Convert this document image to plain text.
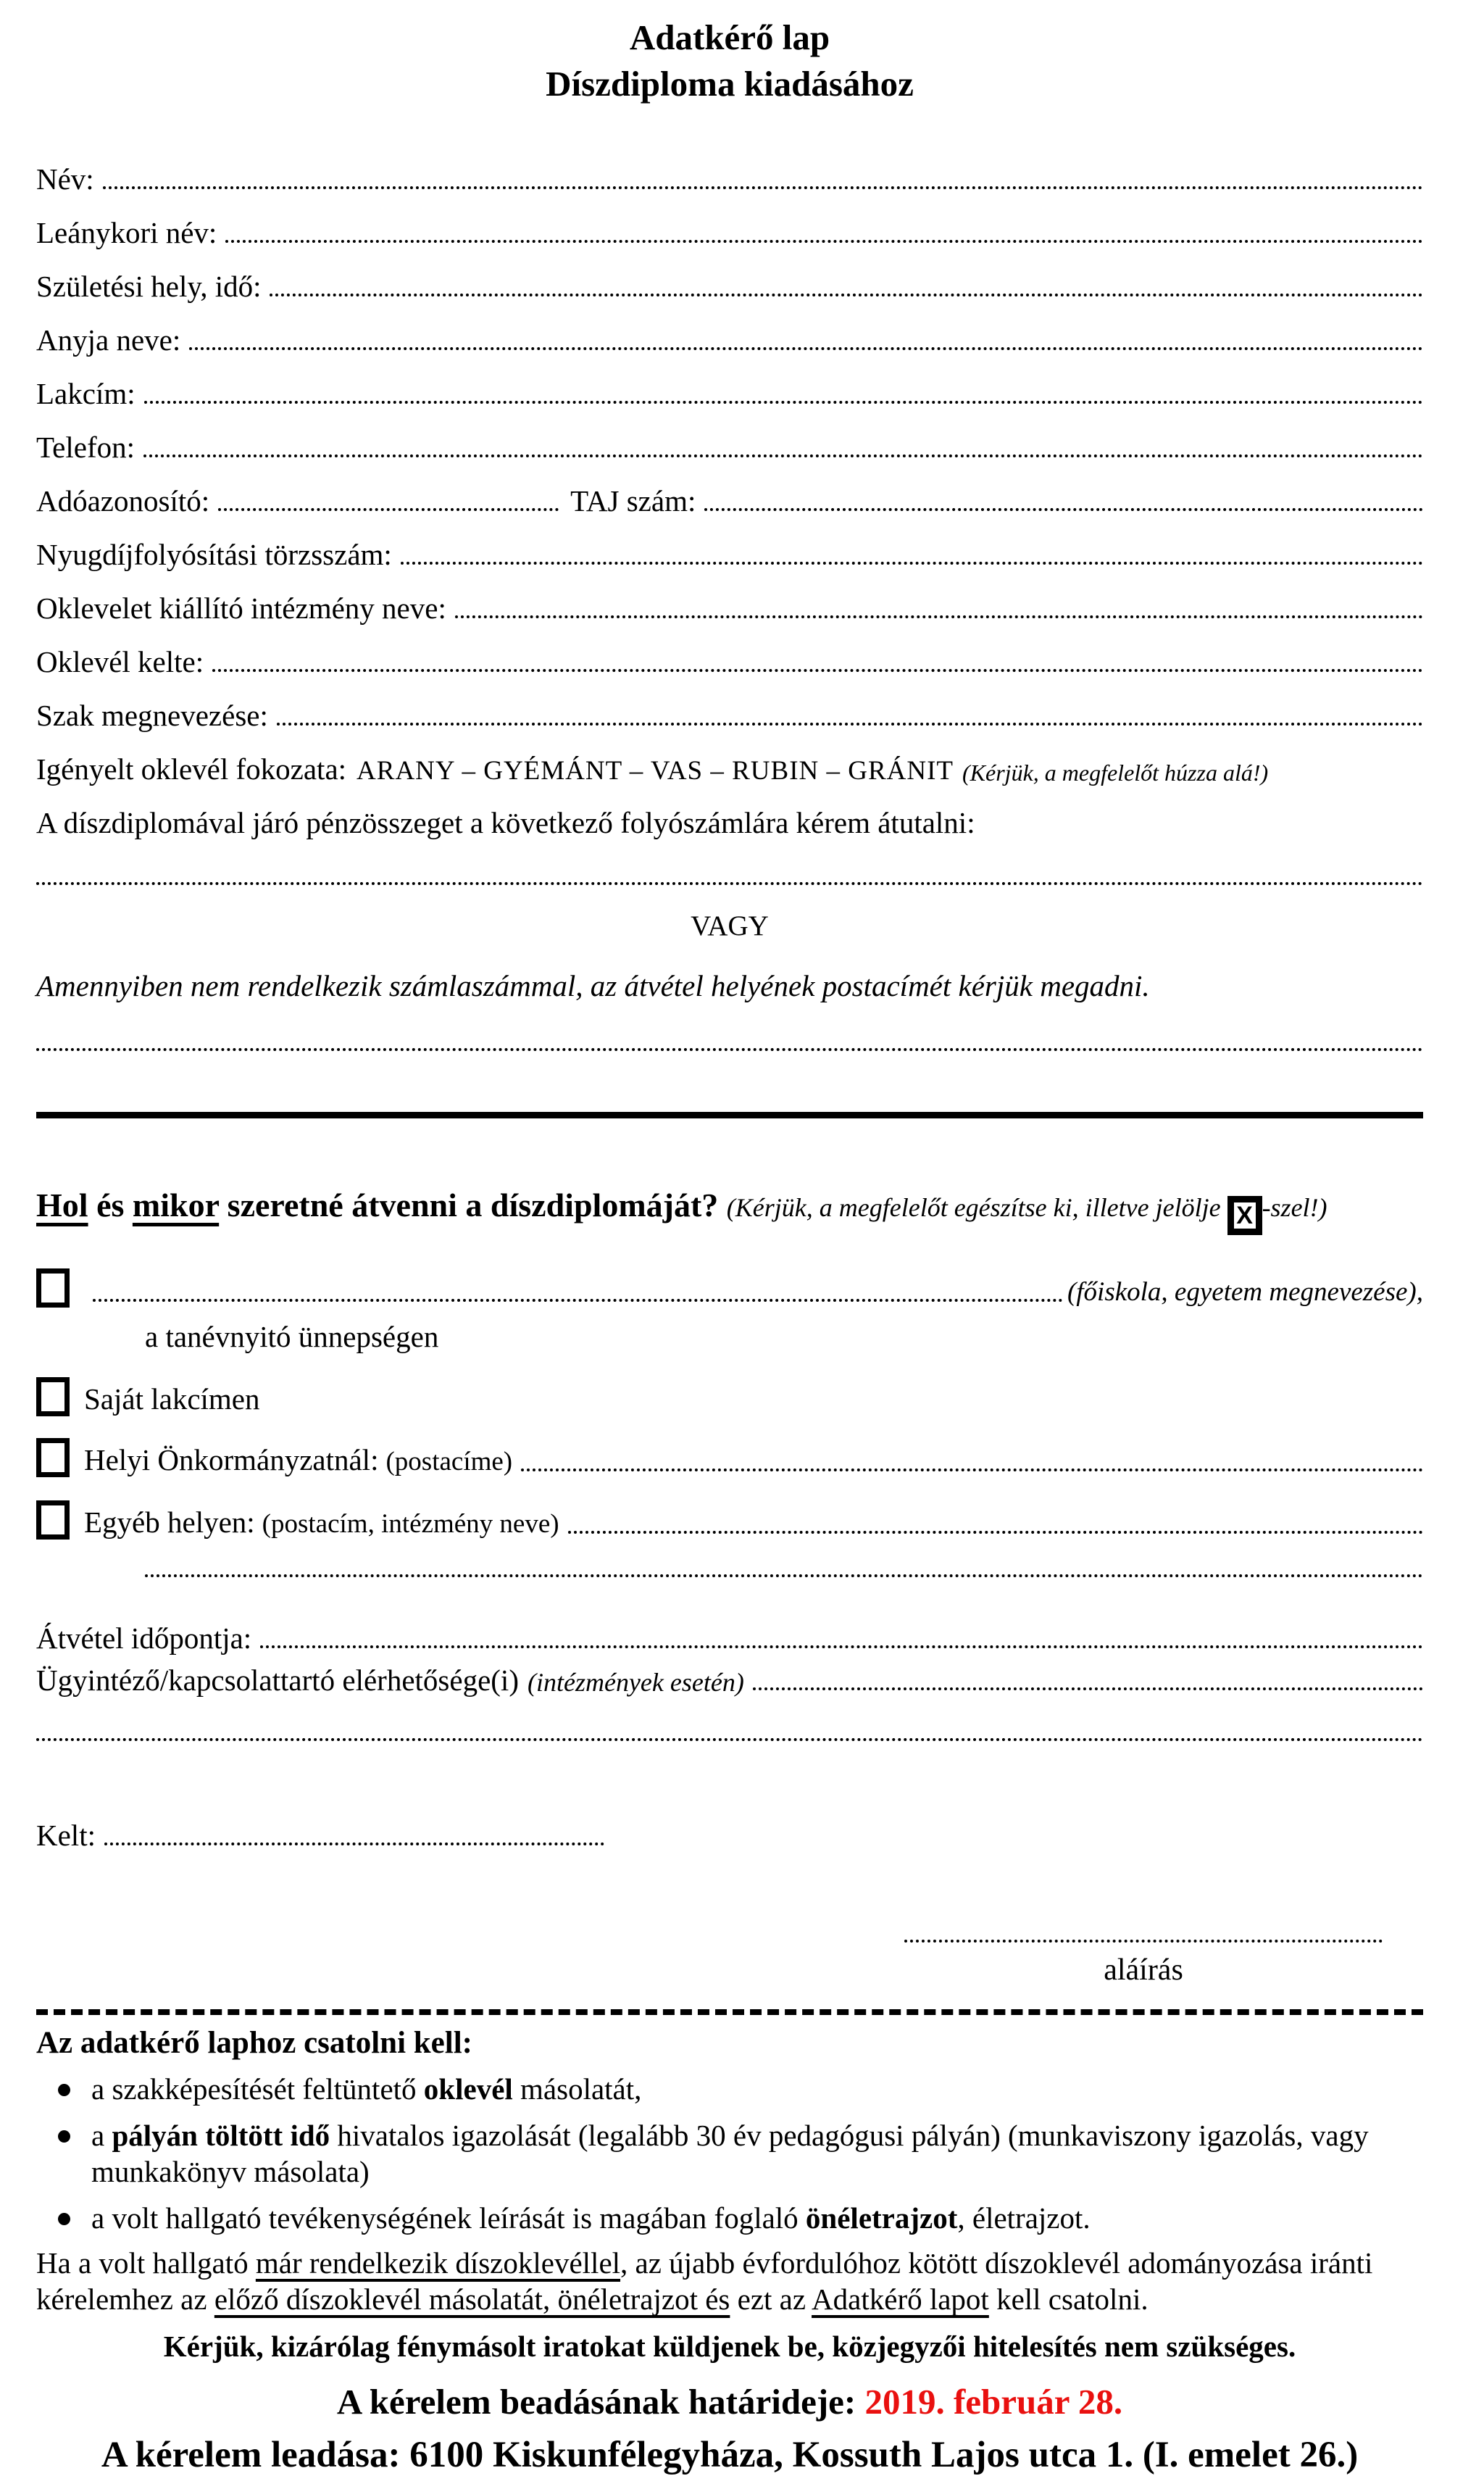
Adatkérő lap
Díszdiploma kiadásához
Név:
Leánykori név:
Születési hely, idő:
Anyja neve:
Lakcím:
Telefon:
Adóazonosító:	TAJ szám:
Nyugdíjfolyósítási törzsszám:
Oklevelet kiállító intézmény neve:
Oklevél kelte:
Szak megnevezése:
Igényelt oklevél fokozata: ARANY – GYÉMÁNT – VAS – RUBIN – GRÁNIT (Kérjük, a megfelelőt húzza alá!)
A díszdiplomával járó pénzösszeget a következő folyószámlára kérem átutalni:
VAGY
Amennyiben nem rendelkezik számlaszámmal, az átvétel helyének postacímét kérjük megadni.
Hol és mikor szeretné átvenni a díszdiplomáját? (Kérjük, a megfelelőt egészítse ki, illetve jelölje X -szel!)
(főiskola, egyetem megnevezése),
a tanévnyitó ünnepségen
Saját lakcímen
Helyi Önkormányzatnál: (postacíme)
Egyéb helyen: (postacím, intézmény neve)
Átvétel időpontja:
Ügyintéző/kapcsolattartó elérhetősége(i) (intézmények esetén)
Kelt:
aláírás
Az adatkérő laphoz csatolni kell:
a szakképesítését feltüntető oklevél másolatát,
a pályán töltött idő hivatalos igazolását (legalább 30 év pedagógusi pályán) (munkaviszony igazolás, vagy munkakönyv másolata)
a volt hallgató tevékenységének leírását is magában foglaló önéletrajzot, életrajzot.
Ha a volt hallgató már rendelkezik díszoklevéllel, az újabb évfordulóhoz kötött díszoklevél adományozása iránti kérelemhez az előző díszoklevél másolatát, önéletrajzot és ezt az Adatkérő lapot kell csatolni.
Kérjük, kizárólag fénymásolt iratokat küldjenek be, közjegyzői hitelesítés nem szükséges.
A kérelem beadásának határideje: 2019. február 28.
A kérelem leadása: 6100 Kiskunfélegyháza, Kossuth Lajos utca 1. (I. emelet 26.)
